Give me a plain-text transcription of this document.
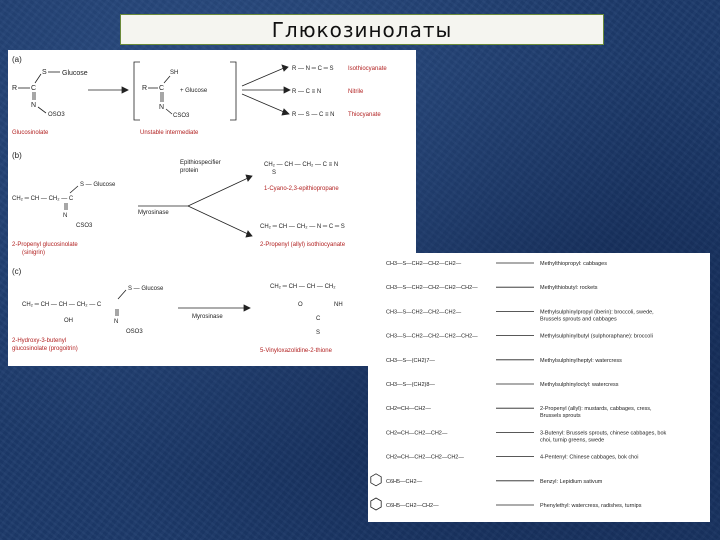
Глюкозинолаты
(a)
R C
S Glucose
N
OSO3
Glucosinolate
R C
SH
N
CSO3
+ Glucose
Unstable intermediate
R — N ═ C ═ S Isothiocyanate
R — C ≡ N	Nitrile
R — S — C ≡ N Thiocyanate
(b)
CH₂ ═ CH — CH₂ — C
S — Glucose
N
CSO3
2-Propenyl glucosinolate
(sinigrin)
Epithiospecifier
protein
Myrosinase
CH₂ — CH — CH₂ — C ≡ N
S
1-Cyano-2,3-epithiopropane
CH₂ ═ CH — CH₂ — N ═ C ═ S
2-Propenyl (allyl) isothiocyanate
(c)
CH₂ ═ CH — CH — CH₂ — C
OH
S — Glucose
N
OSO3
2-Hydroxy-3-butenyl
glucosinolate (progoitrin)
Myrosinase
CH₂ ═ CH — CH — CH₂
O	NH
C
S
5-Vinyloxazolidine-2-thione
CH3—S—CH2—CH2—CH2—	Methylthiopropyl: cabbages
CH3—S—CH2—CH2—CH2—CH2—	Methylthiobutyl: rockets
CH3—S—CH2—CH2—CH2—	Methylsulphinylpropyl (iberin): broccoli, swede, Brussels sprouts and cabbages
CH3—S—CH2—CH2—CH2—CH2—	Methylsulphinylbutyl (sulphoraphane): broccoli
CH3—S—(CH2)7—	Methylsulphinylheptyl: watercress
CH3—S—(CH2)8—	Methylsulphinyloctyl: watercress
CH2═CH—CH2—	2-Propenyl (allyl): mustards, cabbages, cress, Brussels sprouts
CH2═CH—CH2—CH2—	3-Butenyl: Brussels sprouts, chinese cabbages, bok choi, turnip greens, swede
CH2═CH—CH2—CH2—CH2—	4-Pentenyl: Chinese cabbages, bok choi
C6H5—CH2—	Benzyl: Lepidium sativum
C6H5—CH2—CH2—	Phenylethyl: watercress, radishes, turnips
